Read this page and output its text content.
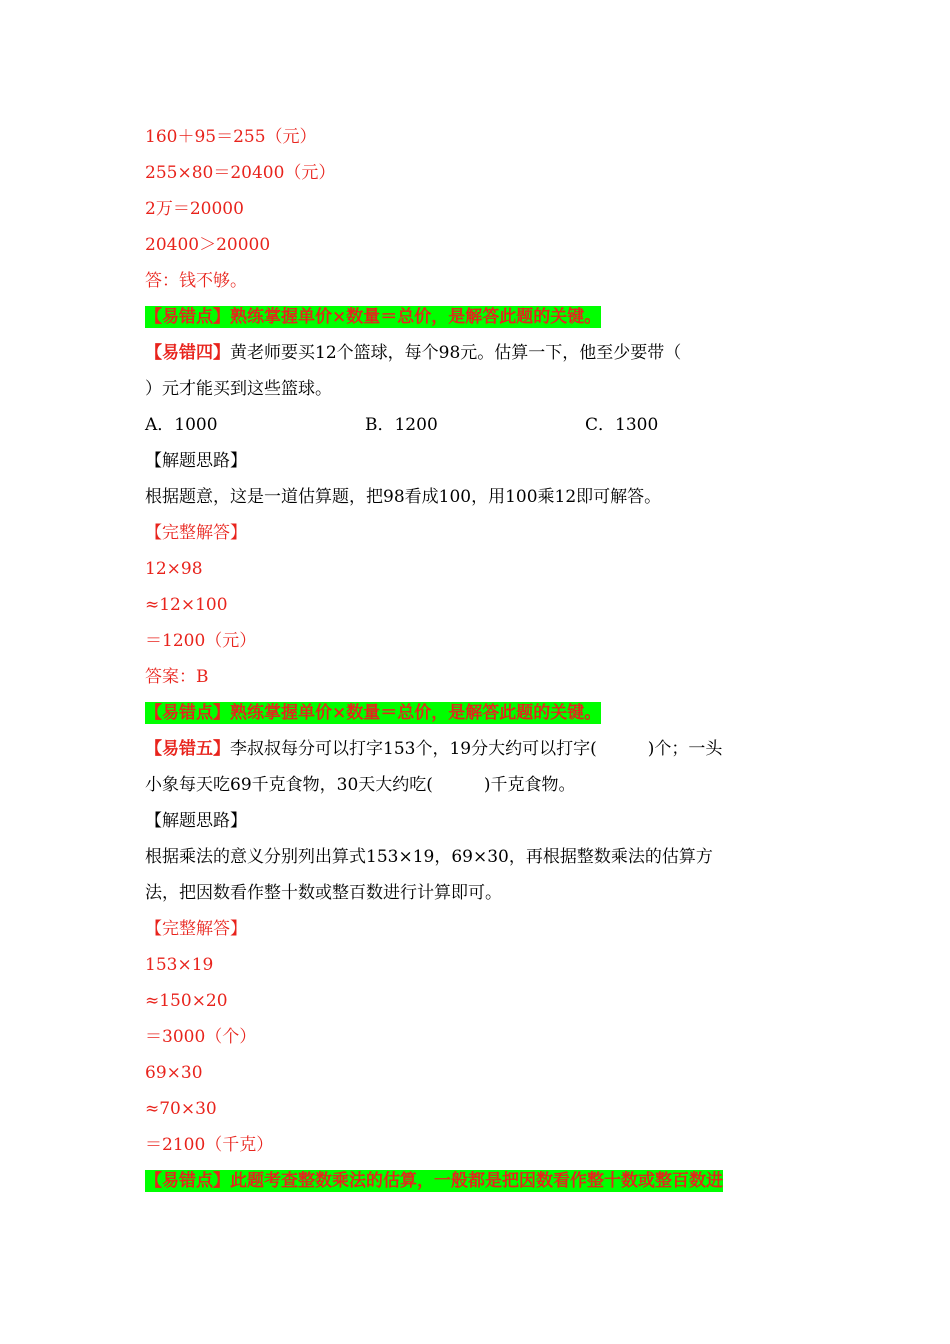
160＋95＝255（元）
255×80＝20400（元）
2万＝20000
20400＞20000
答：钱不够。
【易错点】熟练掌握单价×数量＝总价，是解答此题的关键。
【易错四】黄老师要买12个篮球，每个98元。估算一下，他至少要带（
）元才能买到这些篮球。
A．1000	B．1200	C．1300
【解题思路】
根据题意，这是一道估算题，把98看成100，用100乘12即可解答。
【完整解答】
12×98
≈12×100
＝1200（元）
答案：B
【易错点】熟练掌握单价×数量＝总价，是解答此题的关键。
【易错五】李叔叔每分可以打字153个，19分大约可以打字(　　　)个；一头
小象每天吃69千克食物，30天大约吃(　　　)千克食物。
【解题思路】
根据乘法的意义分别列出算式153×19，69×30，再根据整数乘法的估算方
法，把因数看作整十数或整百数进行计算即可。
【完整解答】
153×19
≈150×20
＝3000（个）
69×30
≈70×30
＝2100（千克）
【易错点】此题考查整数乘法的估算，一般都是把因数看作整十数或整百数进
